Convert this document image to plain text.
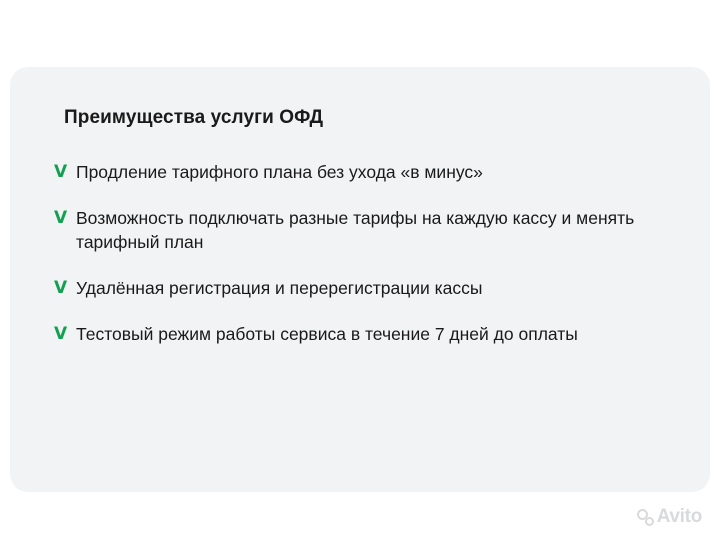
Преимущества услуги ОФД
V Продление тарифного плана без ухода «в минус»
V Возможность подключать разные тарифы на каждую кассу и менять тарифный план
V Удалённая регистрация и перерегистрации кассы
V Тестовый режим работы сервиса в течение 7 дней до оплаты
Avito
